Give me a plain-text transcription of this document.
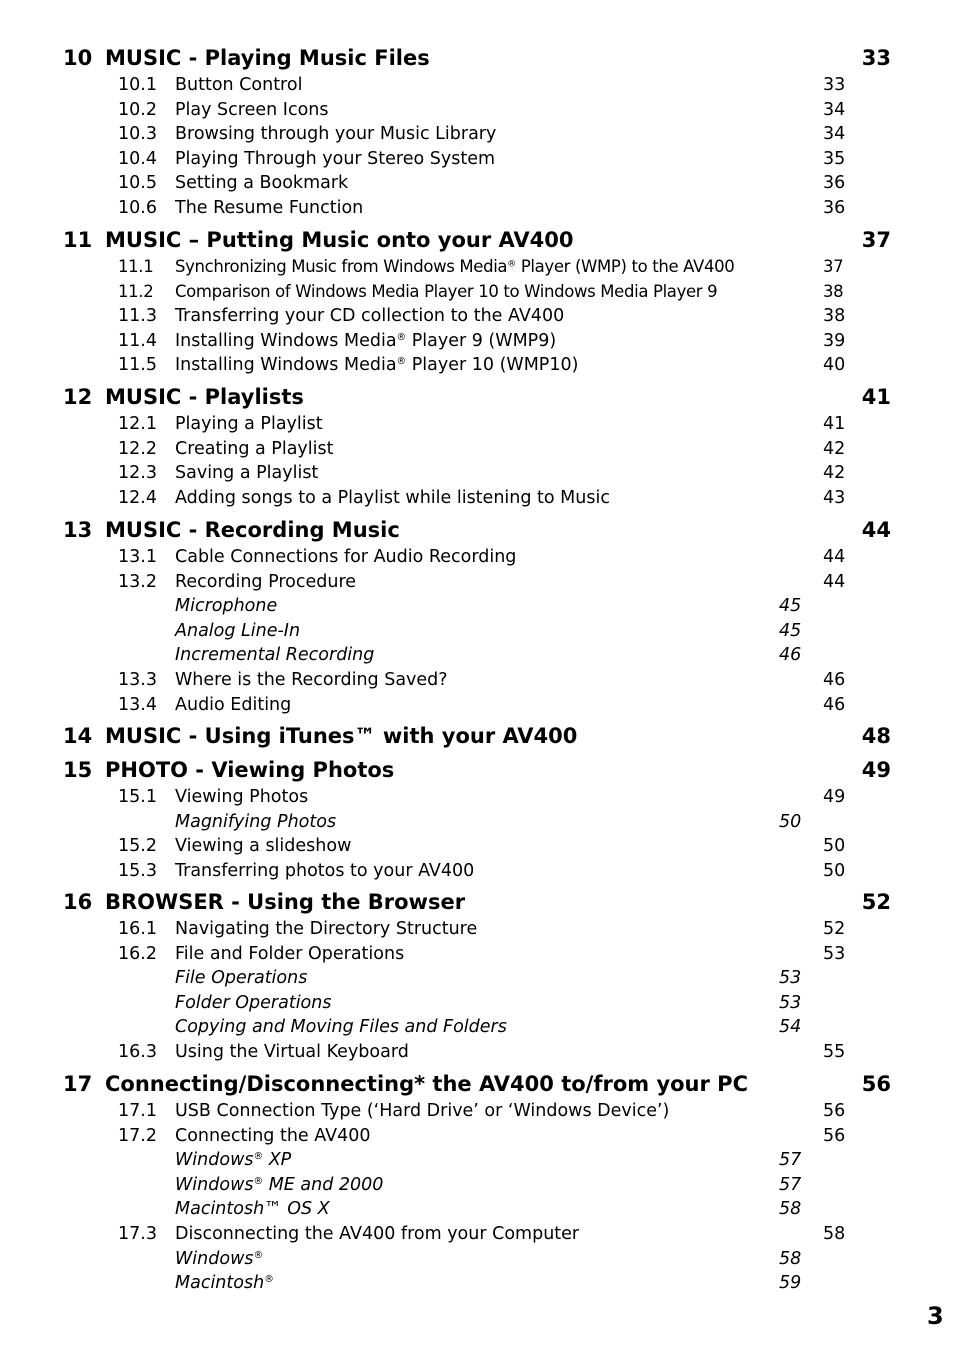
10 MUSIC - Playing Music Files	33
10.1 Button Control	33
10.2 Play Screen Icons	34
10.3 Browsing through your Music Library	34
10.4 Playing Through your Stereo System	35
10.5 Setting a Bookmark	36
10.6 The Resume Function	36
11 MUSIC – Putting Music onto your AV400	37
11.1 Synchronizing Music from Windows Media® Player (WMP) to the AV400	37
11.2 Comparison of Windows Media Player 10 to Windows Media Player 9	38
11.3 Transferring your CD collection to the AV400	38
11.4 Installing Windows Media® Player 9 (WMP9)	39
11.5 Installing Windows Media® Player 10 (WMP10)	40
12 MUSIC - Playlists	41
12.1 Playing a Playlist	41
12.2 Creating a Playlist	42
12.3 Saving a Playlist	42
12.4 Adding songs to a Playlist while listening to Music	43
13 MUSIC - Recording Music	44
13.1 Cable Connections for Audio Recording	44
13.2 Recording Procedure	44
Microphone	45
Analog Line-In	45
Incremental Recording	46
13.3 Where is the Recording Saved?	46
13.4 Audio Editing	46
14 MUSIC - Using iTunes™ with your AV400	48
15 PHOTO - Viewing Photos	49
15.1 Viewing Photos	49
Magnifying Photos	50
15.2 Viewing a slideshow	50
15.3 Transferring photos to your AV400	50
16 BROWSER - Using the Browser	52
16.1 Navigating the Directory Structure	52
16.2 File and Folder Operations	53
File Operations	53
Folder Operations	53
Copying and Moving Files and Folders	54
16.3 Using the Virtual Keyboard	55
17 Connecting/Disconnecting* the AV400 to/from your PC	56
17.1 USB Connection Type (‘Hard Drive’ or ‘Windows Device’)	56
17.2 Connecting the AV400	56
Windows® XP	57
Windows® ME and 2000	57
Macintosh™ OS X	58
17.3 Disconnecting the AV400 from your Computer	58
Windows®	58
Macintosh®	59
3
